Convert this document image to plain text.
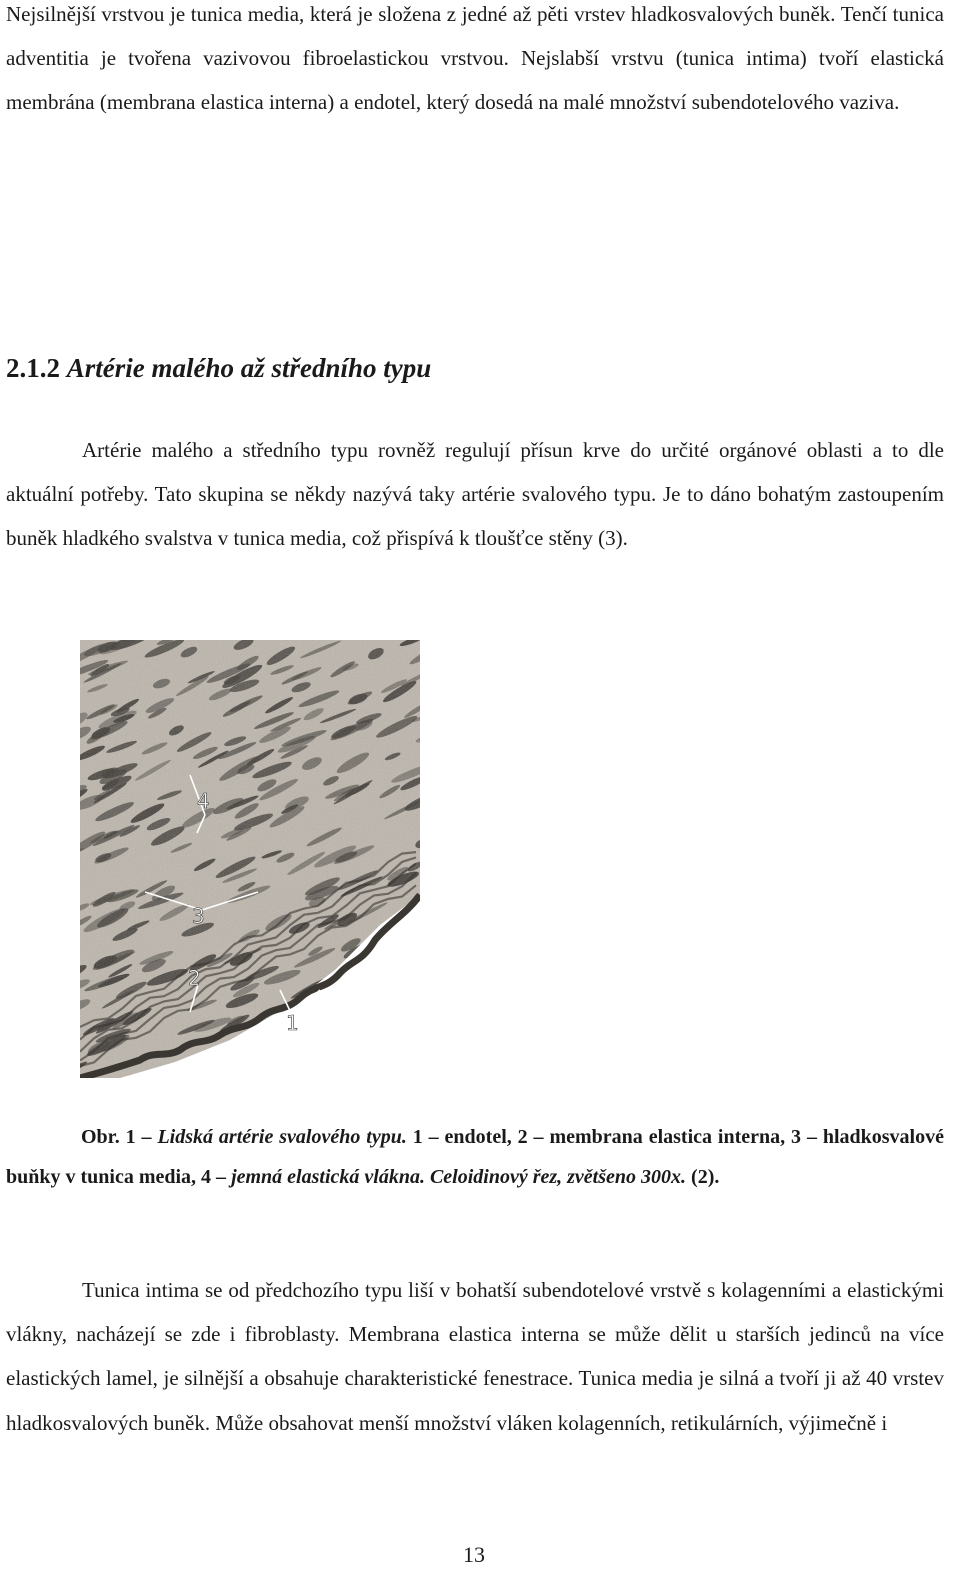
Nejsilnější vrstvou je tunica media, která je složena z jedné až pěti vrstev hladkosvalových buněk. Tenčí tunica adventitia je tvořena vazivovou fibroelastickou vrstvou. Nejslabší vrstvu (tunica intima) tvoří elastická membrána (membrana elastica interna) a endotel, který dosedá na malé množství subendotelového vaziva.

2.1.2 Artérie malého až středního typu

Artérie malého a středního typu rovněž regulují přísun krve do určité orgánové oblasti a to dle aktuální potřeby. Tato skupina se někdy nazývá taky artérie svalového typu. Je to dáno bohatým zastoupením buněk hladkého svalstva v tunica media, což přispívá k tloušťce stěny (3).

4
3
2
1

Obr. 1 – Lidská artérie svalového typu. 1 – endotel, 2 – membrana elastica interna, 3 – hladkosvalové buňky v tunica media, 4 – jemná elastická vlákna. Celoidinový řez, zvětšeno 300x. (2).

Tunica intima se od předchozího typu liší v bohatší subendotelové vrstvě s kolagenními a elastickými vlákny, nacházejí se zde i fibroblasty. Membrana elastica interna se může dělit u starších jedinců na více elastických lamel, je silnější a obsahuje charakteristické fenestrace. Tunica media je silná a tvoří ji až 40 vrstev hladkosvalových buněk. Může obsahovat menší množství vláken kolagenních, retikulárních, výjimečně i

13
